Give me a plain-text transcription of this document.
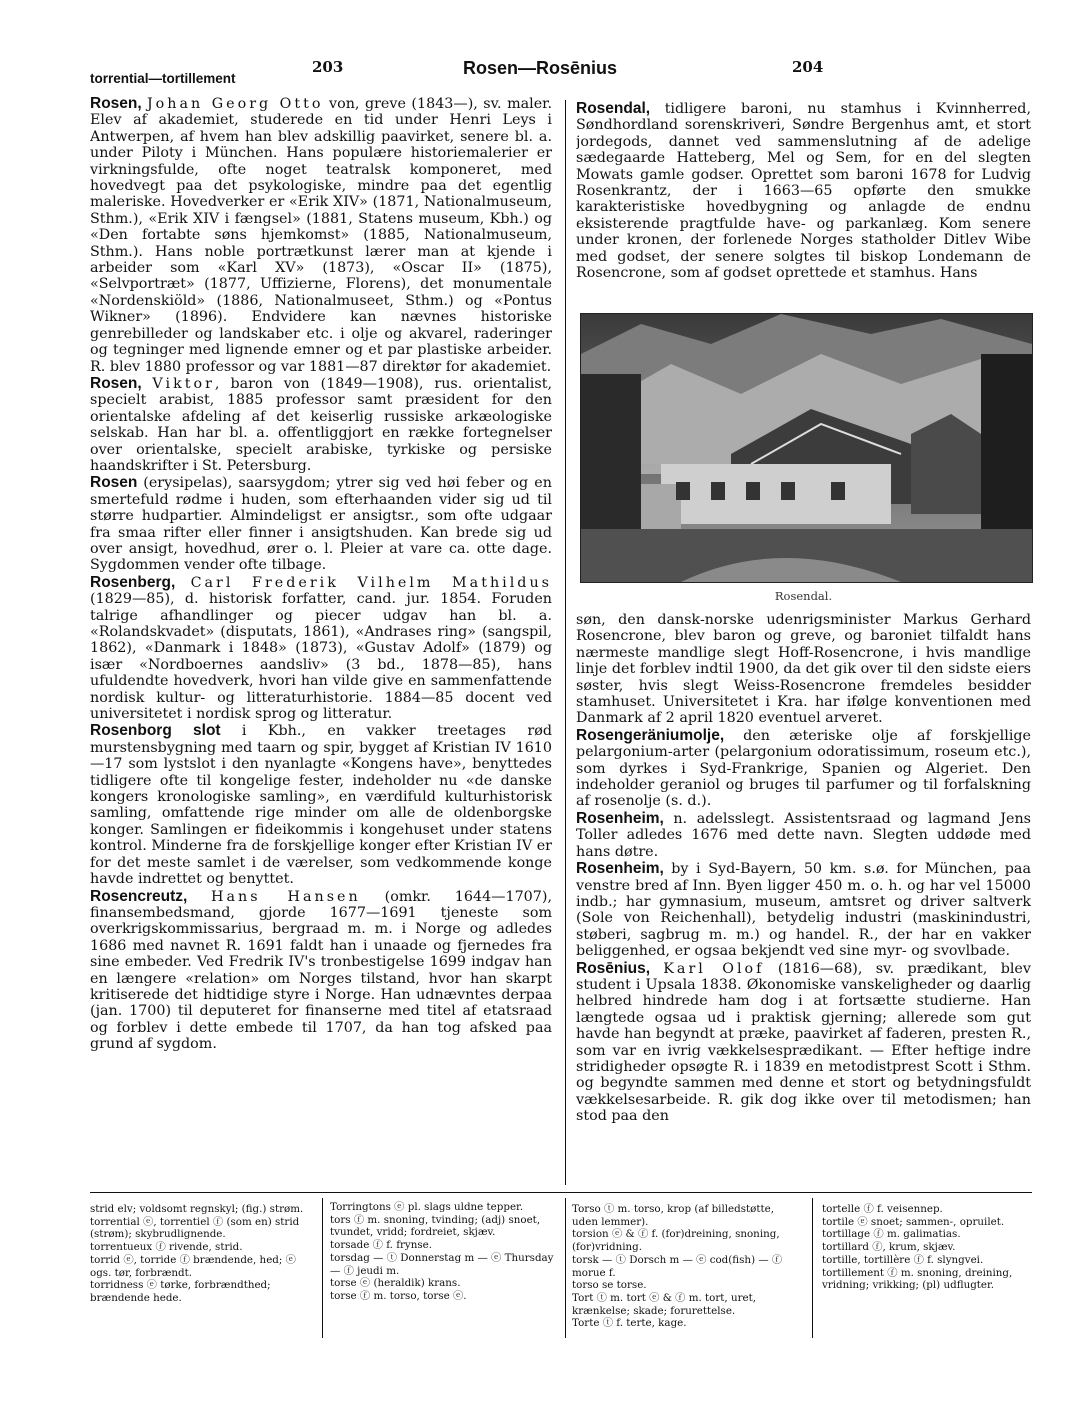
torrential—tortillement
203	Rosen—Rosēnius	204

Rosen, Johan Georg Otto von, greve (1843—), sv. maler. Elev af akademiet, studerede en tid under Henri Leys i Antwerpen, af hvem han blev adskillig paavirket, senere bl. a. under Piloty i München. Hans populære historiemalerier er virkningsfulde, ofte noget teatralsk komponeret, med hovedvegt paa det psykologiske, mindre paa det egentlig maleriske. Hovedverker er «Erik XIV» (1871, Nationalmuseum, Sthm.), «Erik XIV i fængsel» (1881, Statens museum, Kbh.) og «Den fortabte søns hjemkomst» (1885, Nationalmuseum, Sthm.). Hans noble portrætkunst lærer man at kjende i arbeider som «Karl XV» (1873), «Oscar II» (1875), «Selvportræt» (1877, Uffizierne, Florens), det monumentale «Nordenskiöld» (1886, Nationalmuseet, Sthm.) og «Pontus Wikner» (1896). Endvidere kan nævnes historiske genrebilleder og landskaber etc. i olje og akvarel, raderinger og tegninger med lignende emner og et par plastiske arbeider. R. blev 1880 professor og var 1881—87 direktør for akademiet.

Rosen, Viktor, baron von (1849—1908), rus. orientalist, specielt arabist, 1885 professor samt præsident for den orientalske afdeling af det keiserlig russiske arkæologiske selskab. Han har bl. a. offentliggjort en række fortegnelser over orientalske, specielt arabiske, tyrkiske og persiske haandskrifter i St. Petersburg.

Rosen (erysipelas), saarsygdom; ytrer sig ved høi feber og en smertefuld rødme i huden, som efterhaanden vider sig ud til større hudpartier. Almindeligst er ansigtsr., som ofte udgaar fra smaa rifter eller finner i ansigtshuden. Kan brede sig ud over ansigt, hovedhud, ører o. l. Pleier at vare ca. otte dage. Sygdommen vender ofte tilbage.

Rosenberg, Carl Frederik Vilhelm Mathildus (1829—85), d. historisk forfatter, cand. jur. 1854. Foruden talrige afhandlinger og piecer udgav han bl. a. «Rolandskvadet» (disputats, 1861), «Andrases ring» (sangspil, 1862), «Danmark i 1848» (1873), «Gustav Adolf» (1879) og især «Nordboernes aandsliv» (3 bd., 1878—85), hans ufuldendte hovedverk, hvori han vilde give en sammenfattende nordisk kultur- og litteraturhistorie. 1884—85 docent ved universitetet i nordisk sprog og litteratur.

Rosenborg slot i Kbh., en vakker treetages rød murstensbygning med taarn og spir, bygget af Kristian IV 1610—17 som lystslot i den nyanlagte «Kongens have», benyttedes tidligere ofte til kongelige fester, indeholder nu «de danske kongers kronologiske samling», en værdifuld kulturhistorisk samling, omfattende rige minder om alle de oldenborgske konger. Samlingen er fideikommis i kongehuset under statens kontrol. Minderne fra de forskjellige konger efter Kristian IV er for det meste samlet i de værelser, som vedkommende konge havde indrettet og benyttet.

Rosencreutz, Hans Hansen (omkr. 1644—1707), finansembedsmand, gjorde 1677—1691 tjeneste som overkrigskommissarius, bergraad m. m. i Norge og adledes 1686 med navnet R. 1691 faldt han i unaade og fjernedes fra sine embeder. Ved Fredrik IV's tronbestigelse 1699 indgav han en længere «relation» om Norges tilstand, hvor han skarpt kritiserede det hidtidige styre i Norge. Han udnævntes derpaa (jan. 1700) til deputeret for finanserne med titel af etatsraad og forblev i dette embede til 1707, da han tog afsked paa grund af sygdom.

Rosendal, tidligere baroni, nu stamhus i Kvinnherred, Søndhordland sorenskriveri, Søndre Bergenhus amt, et stort jordegods, dannet ved sammenslutning af de adelige sædegaarde Hatteberg, Mel og Sem, for en del slegten Mowats gamle godser. Oprettet som baroni 1678 for Ludvig Rosenkrantz, der i 1663—65 opførte den smukke karakteristiske hovedbygning og anlagde de endnu eksisterende pragtfulde have- og parkanlæg. Kom senere under kronen, der forlenede Norges statholder Ditlev Wibe med godset, der senere solgtes til biskop Londemann de Rosencrone, som af godset oprettede et stamhus. Hans

Rosendal.

søn, den dansk-norske udenrigsminister Markus Gerhard Rosencrone, blev baron og greve, og baroniet tilfaldt hans nærmeste mandlige slegt Hoff-Rosencrone, i hvis mandlige linje det forblev indtil 1900, da det gik over til den sidste eiers søster, hvis slegt Weiss-Rosencrone fremdeles besidder stamhuset. Universitetet i Kra. har ifølge konventionen med Danmark af 2 april 1820 eventuel arveret.

Rosengeräniumolje, den æteriske olje af forskjellige pelargonium-arter (pelargonium odoratissimum, roseum etc.), som dyrkes i Syd-Frankrige, Spanien og Algeriet. Den indeholder geraniol og bruges til parfumer og til forfalskning af rosenolje (s. d.).

Rosenheim, n. adelsslegt. Assistentsraad og lagmand Jens Toller adledes 1676 med dette navn. Slegten uddøde med hans døtre.

Rosenheim, by i Syd-Bayern, 50 km. s.ø. for München, paa venstre bred af Inn. Byen ligger 450 m. o. h. og har vel 15000 indb.; har gymnasium, museum, amtsret og driver saltverk (Sole von Reichenhall), betydelig industri (maskinindustri, støberi, sagbrug m. m.) og handel. R., der har en vakker beliggenhed, er ogsaa bekjendt ved sine myr- og svovlbade.

Rosēnius, Karl Olof (1816—68), sv. prædikant, blev student i Upsala 1838. Økonomiske vanskeligheder og daarlig helbred hindrede ham dog i at fortsætte studierne. Han længtede ogsaa ud i praktisk gjerning; allerede som gut havde han begyndt at præke, paavirket af faderen, presten R., som var en ivrig vækkelsesprædikant. — Efter heftige indre stridigheder opsøgte R. i 1839 en metodistprest Scott i Sthm. og begyndte sammen med denne et stort og betydningsfuldt vækkelsesarbeide. R. gik dog ikke over til metodismen; han stod paa den

strid elv; voldsomt regnskyl; (fig.) strøm.

torrential ⓔ, torrentiel ⓕ (som en) strid (strøm); skybrudlignende.

torrentueux ⓕ rivende, strid.

torrid ⓔ, torride ⓕ brændende, hed; ⓔ ogs. tør, forbrændt.

torridness ⓔ tørke, forbrændthed; brændende hede.

Torringtons ⓔ pl. slags uldne tepper.

tors ⓕ m. snoning, tvinding; (adj) snoet, tvundet, vridd; fordreiet, skjæv.

torsade ⓕ f. frynse.

torsdag — ⓣ Donnerstag m — ⓔ Thursday — ⓕ jeudi m.

torse ⓔ (heraldik) krans.

torse ⓕ m. torso, torse ⓔ.

Torso ⓣ m. torso, krop (af billedstøtte, uden lemmer).

torsion ⓔ & ⓕ f. (for)dreining, snoning, (for)vridning.

torsk — ⓣ Dorsch m — ⓔ cod(fish) — ⓕ morue f.

torso se torse.

Tort ⓣ m. tort ⓔ & ⓕ m. tort, uret, krænkelse; skade; forurettelse.

Torte ⓣ f. terte, kage.

tortelle ⓕ f. veisennep.

tortile ⓔ snoet; sammen-, opruilet.

tortillage ⓕ m. galimatias.

tortillard ⓕ, krum, skjæv.

tortille, tortillère ⓕ f. slyngvei.

tortillement ⓕ m. snoning, dreining, vridning; vrikking; (pl) udflugter.
